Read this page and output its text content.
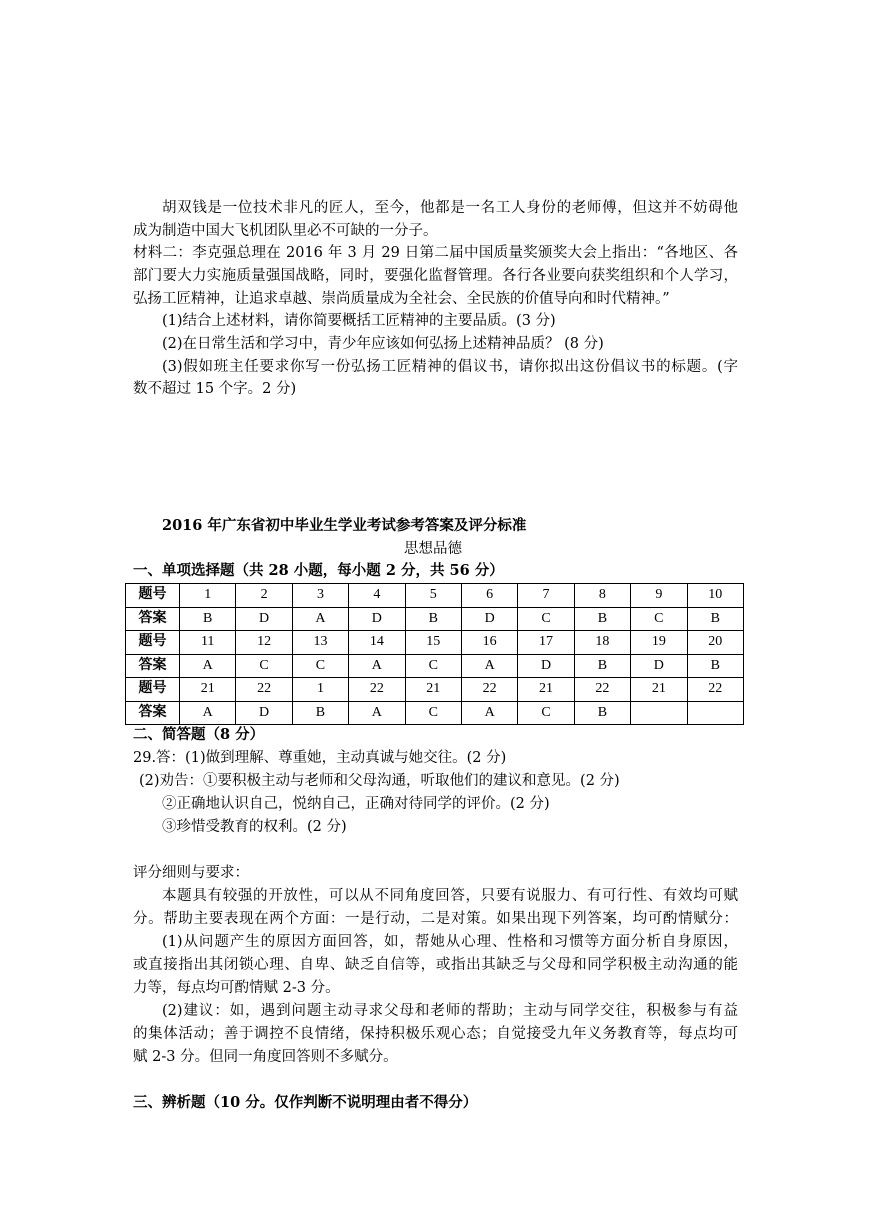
胡双钱是一位技术非凡的匠人，至今，他都是一名工人身份的老师傅，但这并不妨碍他
成为制造中国大飞机团队里必不可缺的一分子。
材料二：李克强总理在 2016 年 3 月 29 日第二届中国质量奖颁奖大会上指出：“各地区、各
部门要大力实施质量强国战略，同时，要强化监督管理。各行各业要向获奖组织和个人学习，
弘扬工匠精神，让追求卓越、崇尚质量成为全社会、全民族的价值导向和时代精神。”
(1)结合上述材料，请你简要概括工匠精神的主要品质。(3 分)
(2)在日常生活和学习中，青少年应该如何弘扬上述精神品质？ (8 分)
(3)假如班主任要求你写一份弘扬工匠精神的倡议书，请你拟出这份倡议书的标题。(字
数不超过 15 个字。2 分)
2016 年广东省初中毕业生学业考试参考答案及评分标准
思想品德
一、单项选择题（共 28 小题，每小题 2 分，共 56 分）
题号	1	2	3	4	5	6	7	8	9	10
答案	B	D	A	D	B	D	C	B	C	B
题号	11	12	13	14	15	16	17	18	19	20
答案	A	C	C	A	C	A	D	B	D	B
题号	21	22	1	22	21	22	21	22	21	22
答案	A	D	B	A	C	A	C	B		
二、简答题（8 分）
29.答：(1)做到理解、尊重她，主动真诚与她交往。(2 分)
(2)劝告：①要积极主动与老师和父母沟通，听取他们的建议和意见。(2 分)
②正确地认识自己，悦纳自己，正确对待同学的评价。(2 分)
③珍惜受教育的权利。(2 分)
评分细则与要求：
本题具有较强的开放性，可以从不同角度回答，只要有说服力、有可行性、有效均可赋
分。帮助主要表现在两个方面：一是行动，二是对策。如果出现下列答案，均可酌情赋分：
(1)从问题产生的原因方面回答，如，帮她从心理、性格和习惯等方面分析自身原因，
或直接指出其闭锁心理、自卑、缺乏自信等，或指出其缺乏与父母和同学积极主动沟通的能
力等，每点均可酌情赋 2-3 分。
(2)建议：如，遇到问题主动寻求父母和老师的帮助；主动与同学交往，积极参与有益
的集体活动；善于调控不良情绪，保持积极乐观心态；自觉接受九年义务教育等，每点均可
赋 2-3 分。但同一角度回答则不多赋分。
三、辨析题（10 分。仅作判断不说明理由者不得分）
